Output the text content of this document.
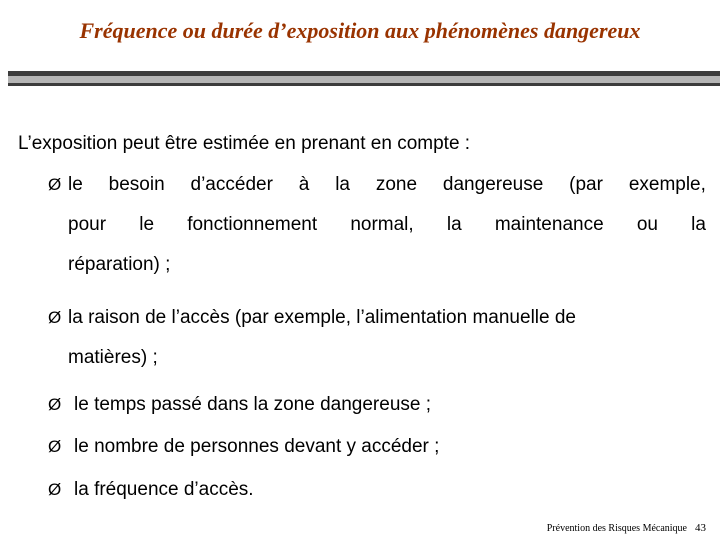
Fréquence ou durée d’exposition aux phénomènes dangereux
L’exposition peut être estimée en prenant en compte :
Ø le besoin d’accéder à la zone dangereuse (par exemple,
pour le fonctionnement normal, la maintenance ou la
réparation) ;
Ø la raison de l’accès (par exemple, l’alimentation manuelle de
matières) ;
Ø le temps passé dans la zone dangereuse ;
Ø le nombre de personnes devant y accéder ;
Ø la fréquence d’accès.
Prévention des Risques Mécanique 43
